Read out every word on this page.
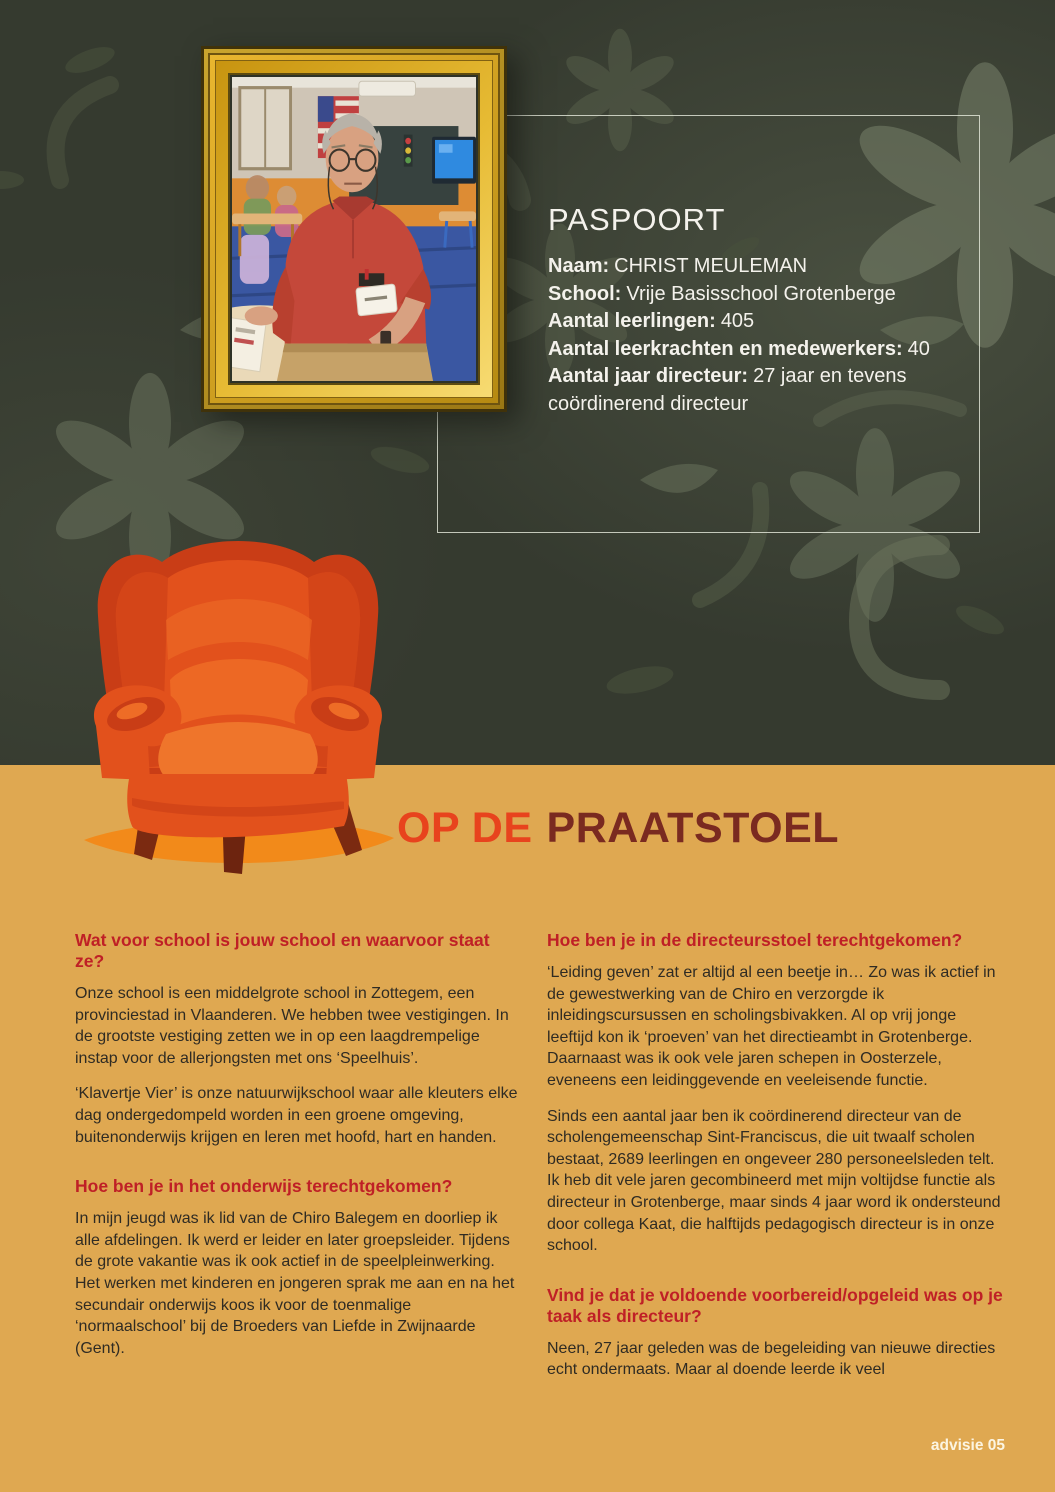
PASPOORT
Naam: CHRIST MEULEMAN
School: Vrije Basisschool Grotenberge
Aantal leerlingen: 405
Aantal leerkrachten en medewerkers: 40
Aantal jaar directeur: 27 jaar en tevens coördinerend directeur
OP DE PRAATSTOEL
Wat voor school is jouw school en waarvoor staat ze?

Onze school is een middelgrote school in Zottegem, een provinciestad in Vlaanderen. We hebben twee vestigingen. In de grootste vestiging zetten we in op een laagdrempelige instap voor de allerjongsten met ons ‘Speelhuis’.

‘Klavertje Vier’ is onze natuurwijkschool waar alle kleuters elke dag ondergedompeld worden in een groene omgeving, buitenonderwijs krijgen en leren met hoofd, hart en handen.

Hoe ben je in het onderwijs terechtgekomen?

In mijn jeugd was ik lid van de Chiro Balegem en doorliep ik alle afdelingen. Ik werd er leider en later groepsleider. Tijdens de grote vakantie was ik ook actief in de speelpleinwerking. Het werken met kinderen en jongeren sprak me aan en na het secundair onderwijs koos ik voor de toenmalige ‘normaalschool’ bij de Broeders van Liefde in Zwijnaarde (Gent).

Hoe ben je in de directeursstoel terechtgekomen?

‘Leiding geven’ zat er altijd al een beetje in… Zo was ik actief in de gewestwerking van de Chiro en verzorgde ik inleidingscursussen en scholingsbivakken. Al op vrij jonge leeftijd kon ik ‘proeven’ van het directieambt in Grotenberge. Daarnaast was ik ook vele jaren schepen in Oosterzele, eveneens een leidinggevende en veeleisende functie.

Sinds een aantal jaar ben ik coördinerend directeur van de scholengemeenschap Sint-Franciscus, die uit twaalf scholen bestaat, 2689 leerlingen en ongeveer 280 personeelsleden telt. Ik heb dit vele jaren gecombineerd met mijn voltijdse functie als directeur in Grotenberge, maar sinds 4 jaar word ik ondersteund door collega Kaat, die halftijds pedagogisch directeur is in onze school.

Vind je dat je voldoende voorbereid/opgeleid was op je taak als directeur?

Neen, 27 jaar geleden was de begeleiding van nieuwe directies echt ondermaats. Maar al doende leerde ik veel

advisie 05
